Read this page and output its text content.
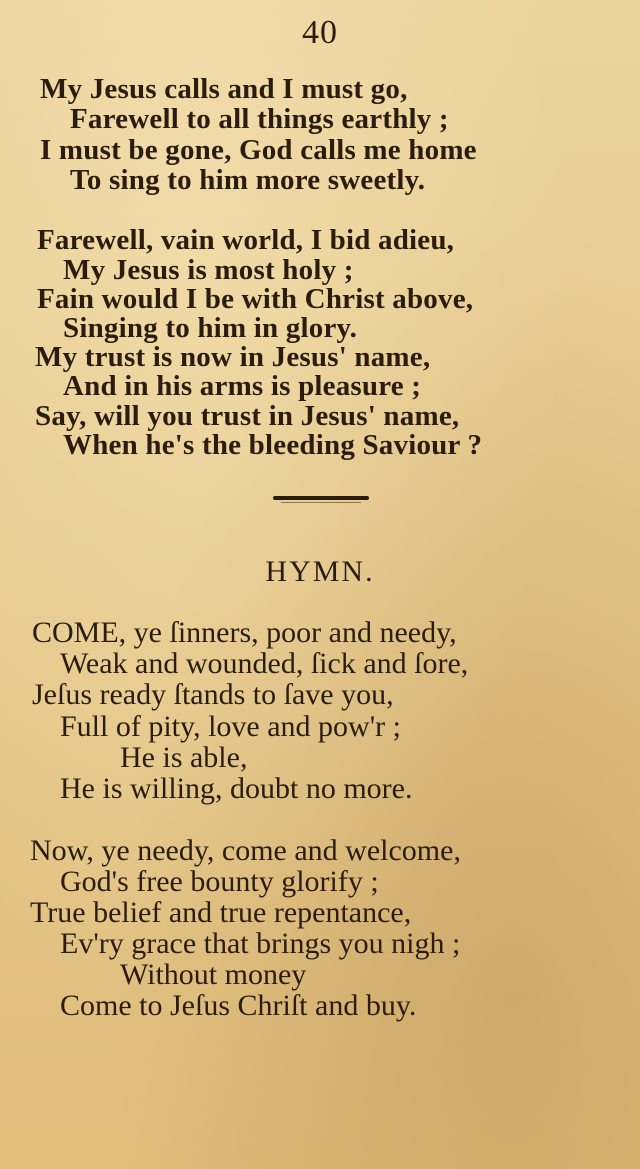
40
My Jesus calls and I must go,
Farewell to all things earthly ;
I must be gone, God calls me home
To sing to him more sweetly.
Farewell, vain world, I bid adieu,
My Jesus is most holy ;
Fain would I be with Christ above,
Singing to him in glory.
My trust is now in Jesus' name,
And in his arms is pleasure ;
Say, will you trust in Jesus' name,
When he's the bleeding Saviour ?
HYMN.
COME, ye ſinners, poor and needy,
Weak and wounded, ſick and ſore,
Jeſus ready ſtands to ſave you,
Full of pity, love and pow'r ;
He is able,
He is willing, doubt no more.
Now, ye needy, come and welcome,
God's free bounty glorify ;
True belief and true repentance,
Ev'ry grace that brings you nigh ;
Without money
Come to Jeſus Chriſt and buy.
